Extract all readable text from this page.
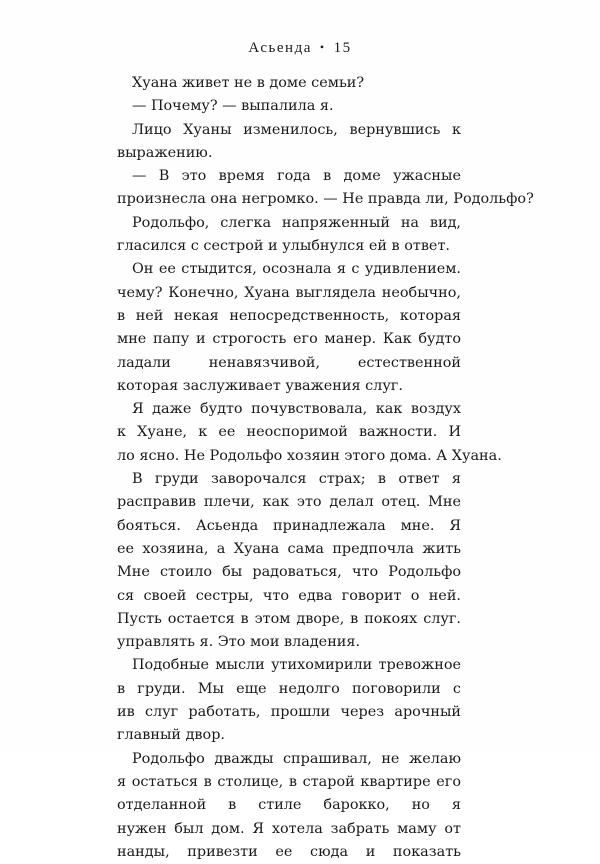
Асьенда • 15
Хуана живет не в доме семьи?
— Почему? — выпалила я.
Лицо Хуаны изменилось, вернувшись к
выражению.
— В это время года в доме ужасные
произнесла она негромко. — Не правда ли, Родольфо?
Родольфо, слегка напряженный на вид,
гласился с сестрой и улыбнулся ей в ответ.
Он ее стыдится, осознала я с удивлением.
чему? Конечно, Хуана выглядела необычно,
в ней некая непосредственность, которая
мне папу и строгость его манер. Как будто
ладали ненавязчивой, естественной
которая заслуживает уважения слуг.
Я даже будто почувствовала, как воздух
к Хуане, к ее неоспоримой важности. И
ло ясно. Не Родольфо хозяин этого дома. А Хуана.
В груди заворочался страх; в ответ я
расправив плечи, как это делал отец. Мне
бояться. Асьенда принадлежала мне. Я
ее хозяина, а Хуана сама предпочла жить
Мне стоило бы радоваться, что Родольфо
ся своей сестры, что едва говорит о ней.
Пусть остается в этом дворе, в покоях слуг.
управлять я. Это мои владения.
Подобные мысли утихомирили тревожное
в груди. Мы еще недолго поговорили с
ив слуг работать, прошли через арочный
главный двор.
Родольфо дважды спрашивал, не желаю
я остаться в столице, в старой квартире его
отделанной в стиле барокко, но я
нужен был дом. Я хотела забрать маму от
нанды, привезти ее сюда и показать
